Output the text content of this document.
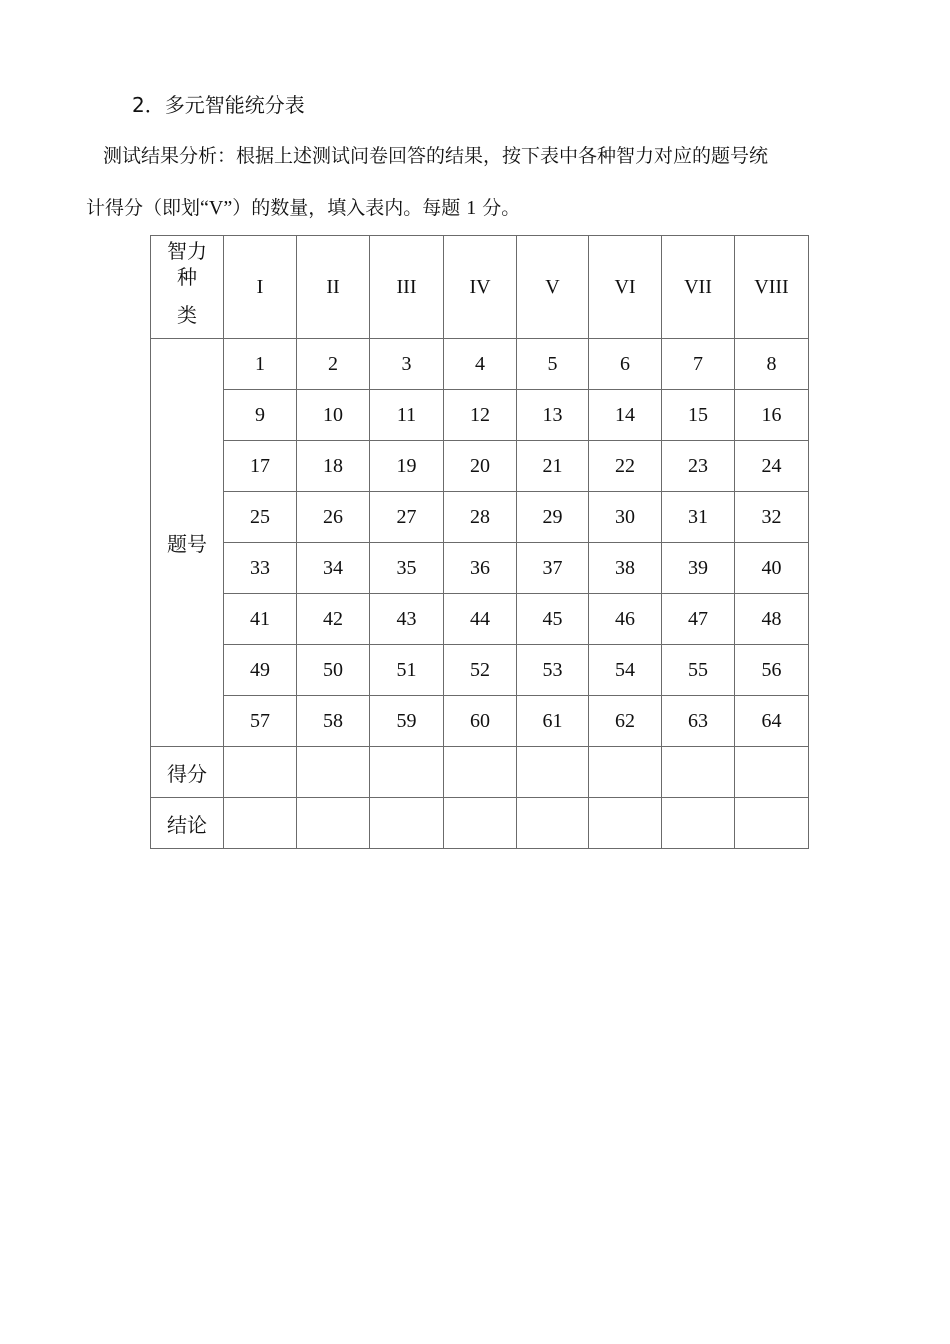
2．多元智能统分表
测试结果分析：根据上述测试问卷回答的结果，按下表中各种智力对应的题号统
计得分（即划“V”）的数量，填入表内。每题 1 分。
智力
种
类	I	II	III	IV	V	VI	VII	VIII
题号	1	2	3	4	5	6	7	8
	9	10	11	12	13	14	15	16
	17	18	19	20	21	22	23	24
	25	26	27	28	29	30	31	32
	33	34	35	36	37	38	39	40
	41	42	43	44	45	46	47	48
	49	50	51	52	53	54	55	56
	57	58	59	60	61	62	63	64
得分								
结论								
